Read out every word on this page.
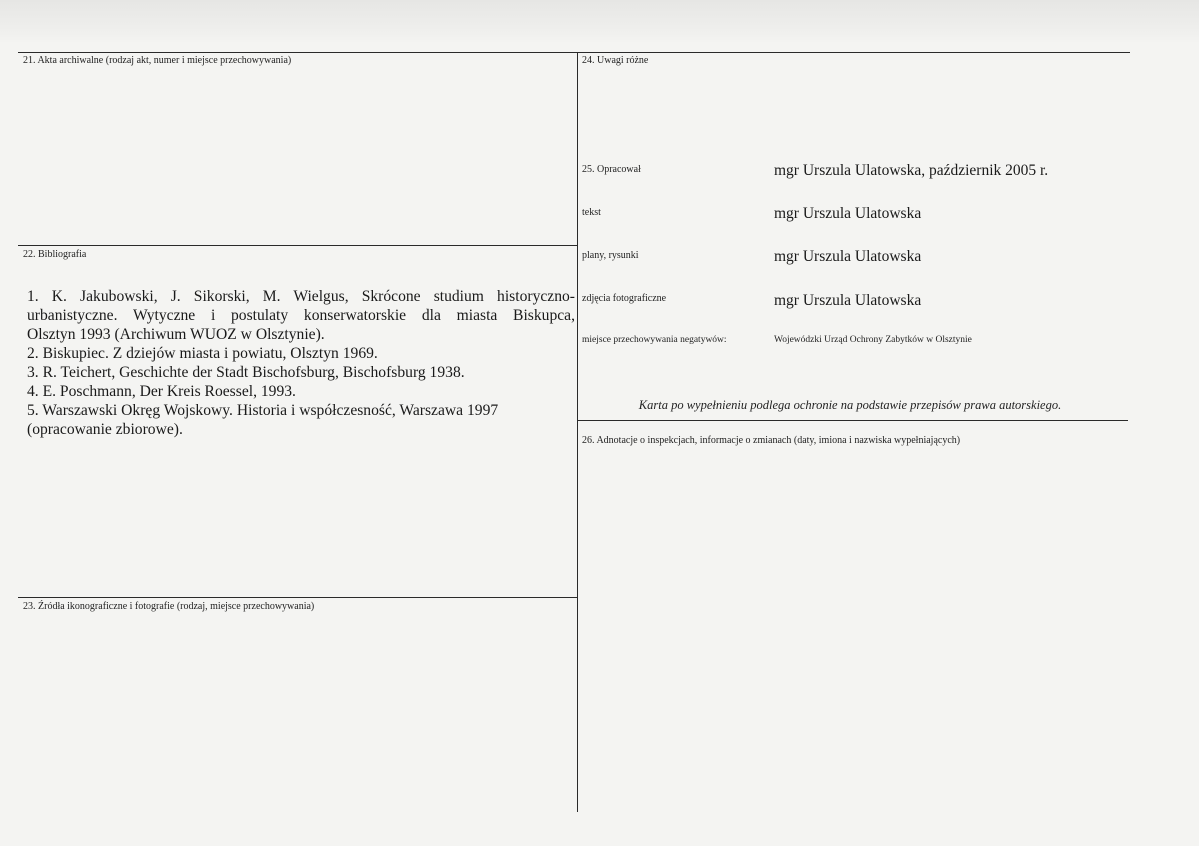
21. Akta archiwalne (rodzaj akt, numer i miejsce przechowywania)
22. Bibliografia
1. K. Jakubowski, J. Sikorski, M. Wielgus, Skrócone studium historyczno-
urbanistyczne. Wytyczne i postulaty konserwatorskie dla miasta Biskupca,
Olsztyn 1993 (Archiwum WUOZ w Olsztynie).
2. Biskupiec. Z dziejów miasta i powiatu, Olsztyn 1969.
3. R. Teichert, Geschichte der Stadt Bischofsburg, Bischofsburg 1938.
4. E. Poschmann, Der Kreis Roessel, 1993.
5. Warszawski Okręg Wojskowy. Historia i współczesność, Warszawa 1997
(opracowanie zbiorowe).
23. Źródła ikonograficzne i fotografie (rodzaj, miejsce przechowywania)
24. Uwagi różne
25. Opracował	mgr Urszula Ulatowska, październik 2005 r.
tekst	mgr Urszula Ulatowska
plany, rysunki	mgr Urszula Ulatowska
zdjęcia fotograficzne	mgr Urszula Ulatowska
miejsce przechowywania negatywów:	Wojewódzki Urząd Ochrony Zabytków w Olsztynie
Karta po wypełnieniu podlega ochronie na podstawie przepisów prawa autorskiego.
26. Adnotacje o inspekcjach, informacje o zmianach (daty, imiona i nazwiska wypełniających)
